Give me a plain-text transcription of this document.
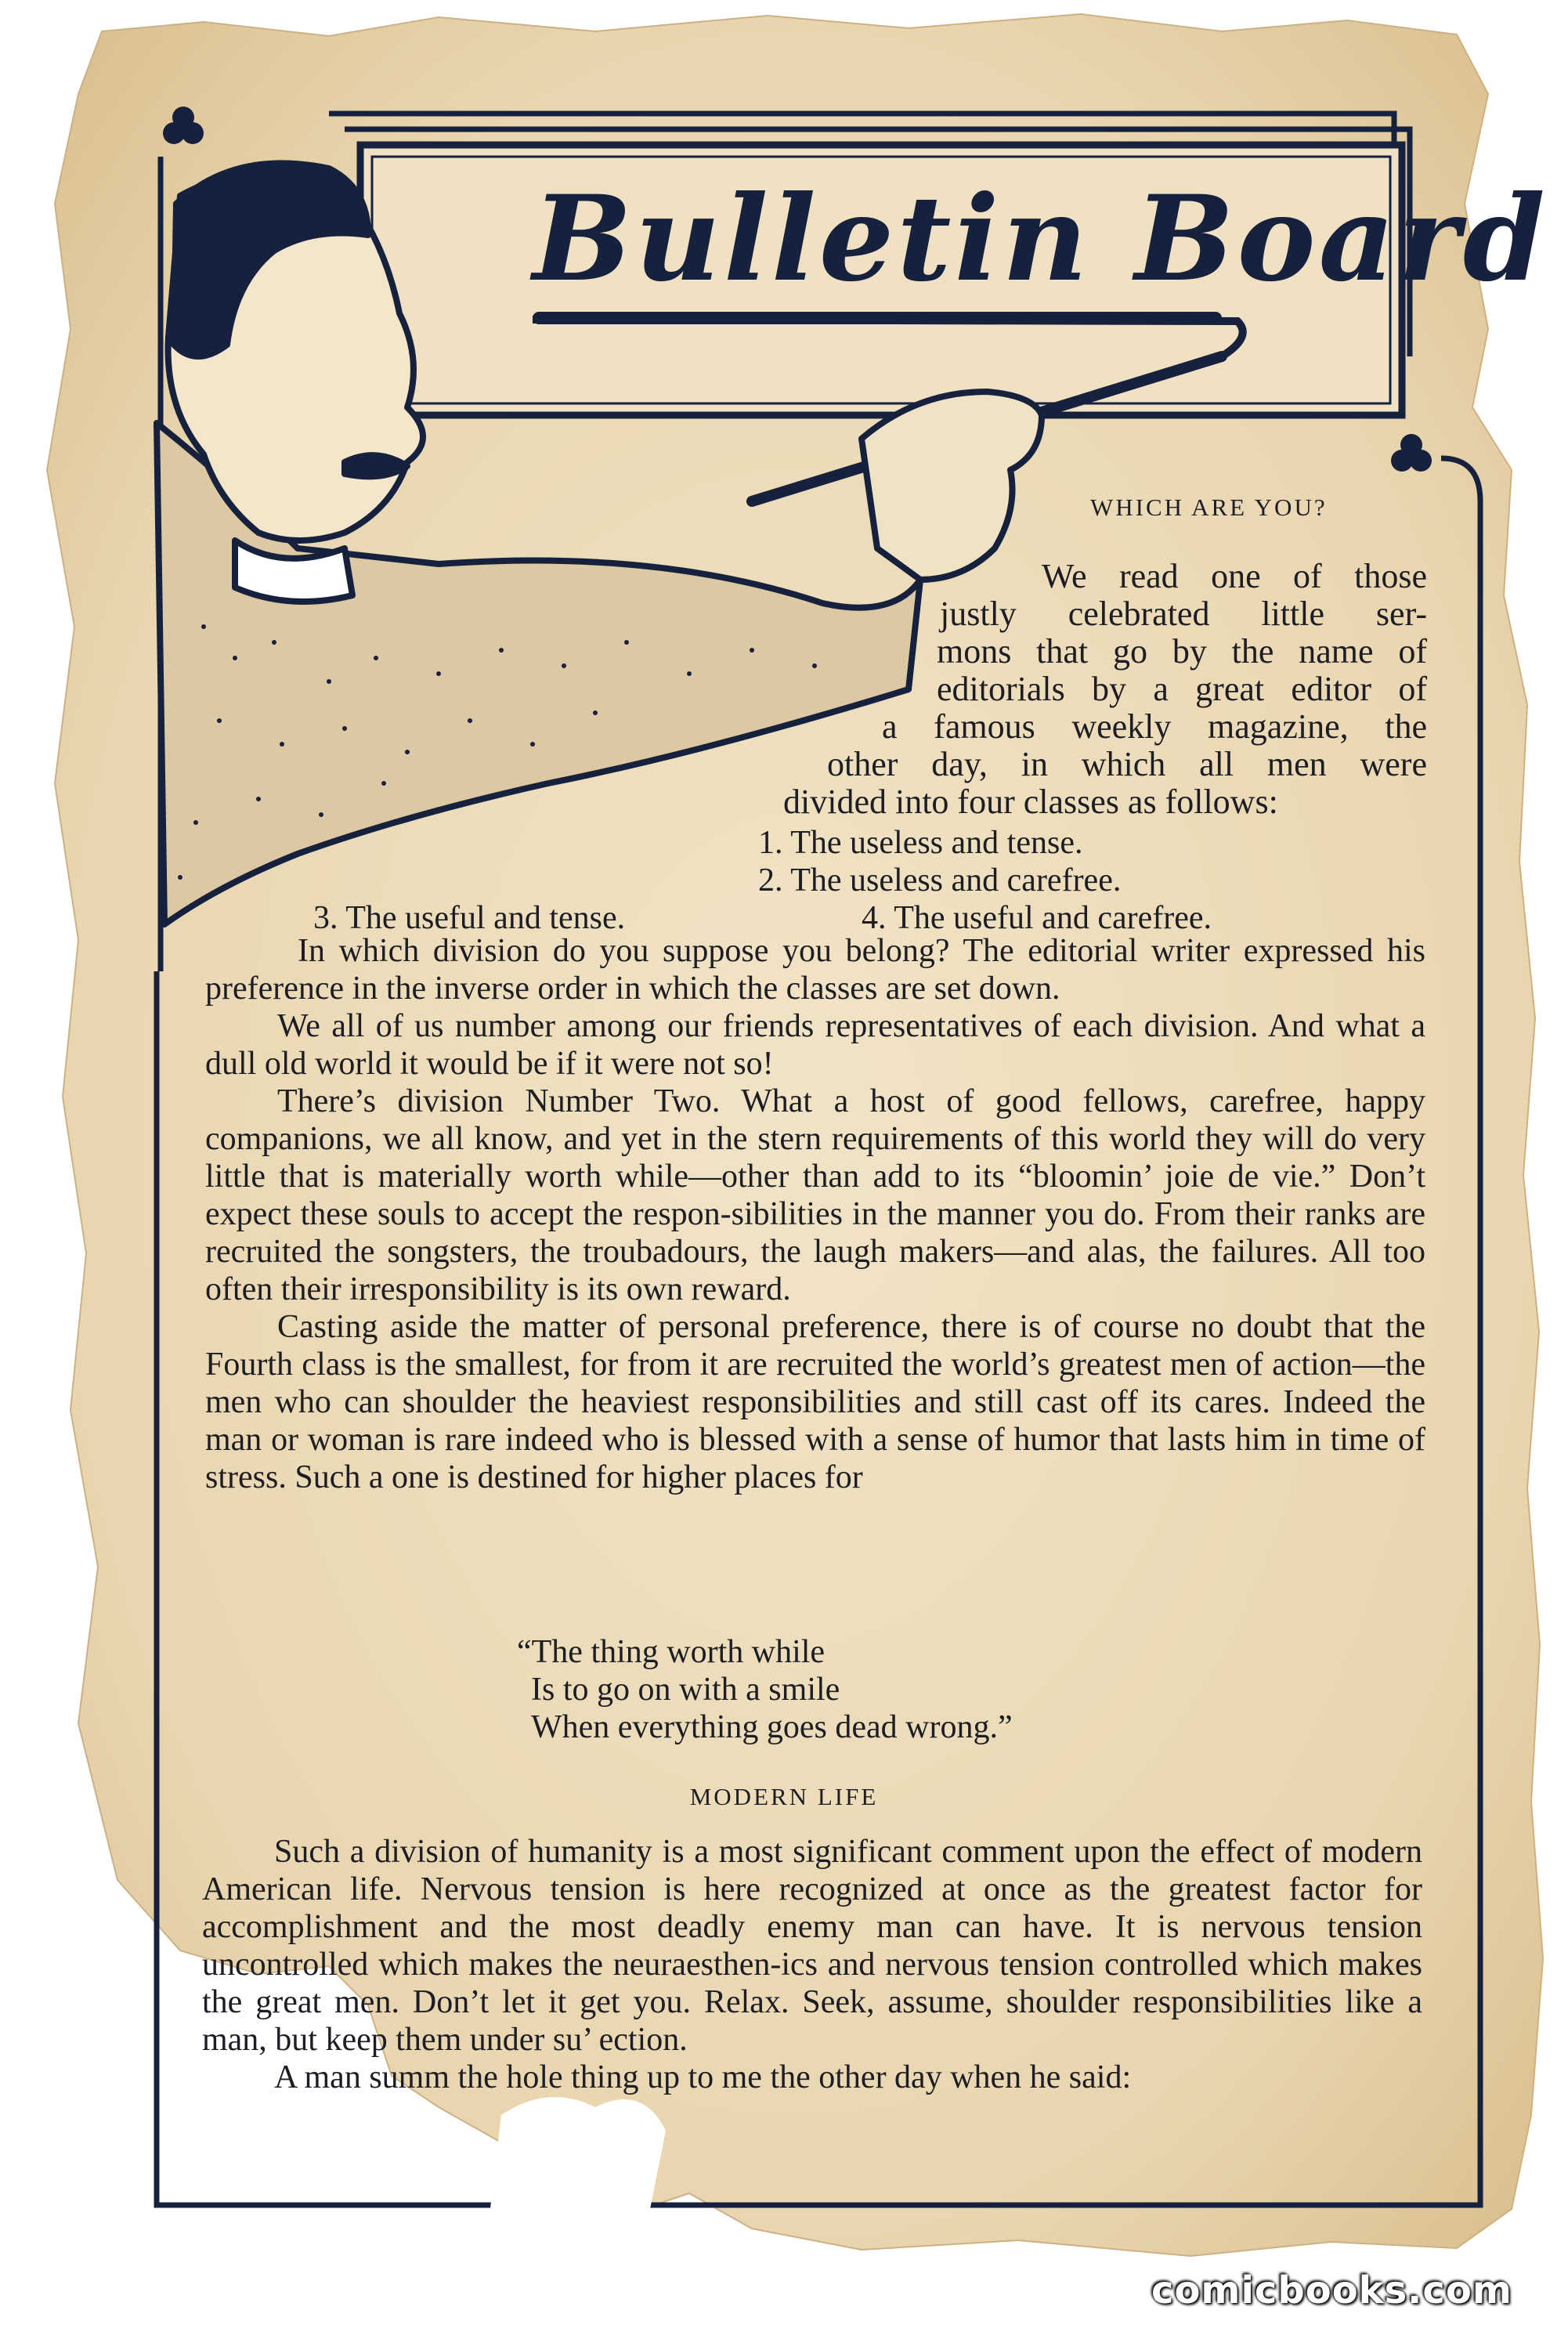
Bulletin Board
WHICH ARE YOU?
We read one of those
justly celebrated little ser-
mons that go by the name of
editorials by a great editor of
a famous weekly magazine, the
other day, in which all men were
divided into four classes as follows:
1. The useless and tense.
2. The useless and carefree.
3. The useful and tense.	4. The useful and carefree.

In which division do you suppose you belong? The editorial writer expressed his preference in the inverse order in which the classes are set down.

We all of us number among our friends representatives of each division. And what a dull old world it would be if it were not so!

There’s division Number Two. What a host of good fellows, carefree, happy companions, we all know, and yet in the stern requirements of this world they will do very little that is materially worth while—other than add to its “bloomin’ joie de vie.” Don’t expect these souls to accept the respon-sibilities in the manner you do. From their ranks are recruited the songsters, the troubadours, the laugh makers—and alas, the failures. All too often their irresponsibility is its own reward.

Casting aside the matter of personal preference, there is of course no doubt that the Fourth class is the smallest, for from it are recruited the world’s greatest men of action—the men who can shoulder the heaviest responsibilities and still cast off its cares. Indeed the man or woman is rare indeed who is blessed with a sense of humor that lasts him in time of stress. Such a one is destined for higher places for

“The thing worth while
Is to go on with a smile
When everything goes dead wrong.”
MODERN LIFE

Such a division of humanity is a most significant comment upon the effect of modern American life. Nervous tension is here recognized at once as the greatest factor for accomplishment and the most deadly enemy man can have. It is nervous tension uncontrolled which makes the neuraesthen-ics and nervous tension controlled which makes the great men. Don’t let it get you. Relax. Seek, assume, shoulder responsibilities like a man, but keep them under su’ ection.

A man summ the hole thing up to me the other day when he said:

comicbooks.com
